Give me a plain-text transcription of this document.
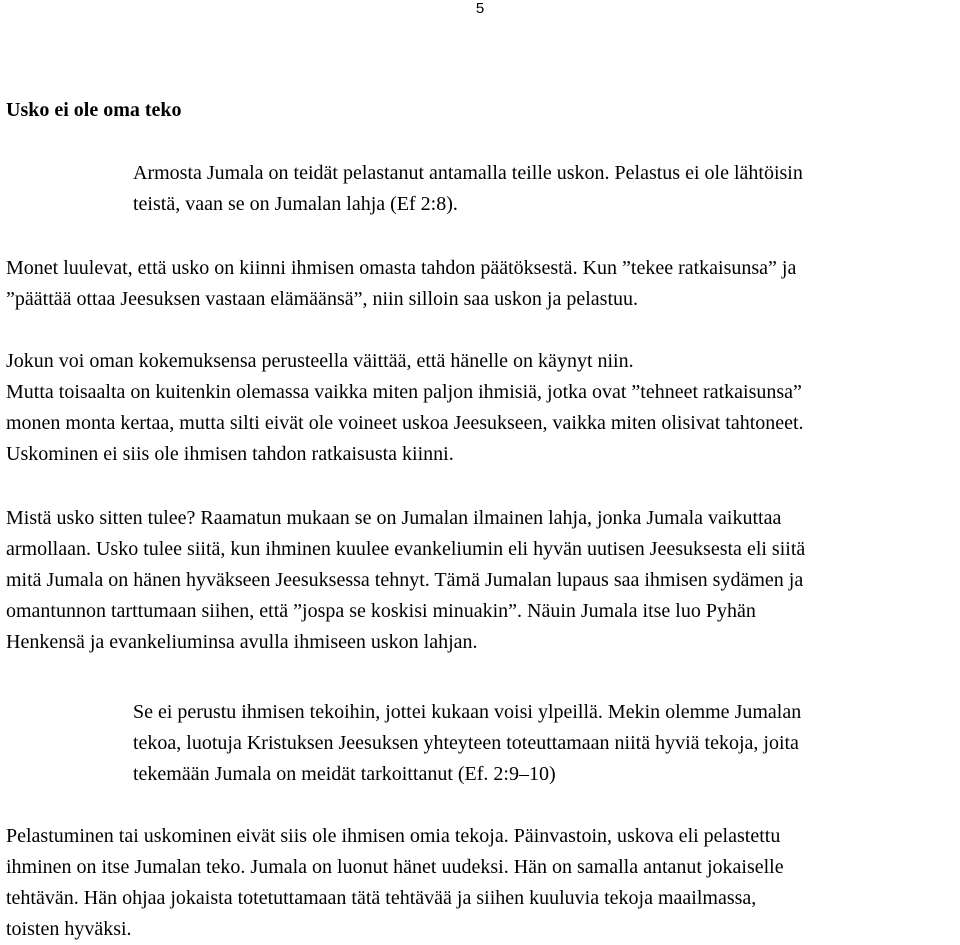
5
Usko ei ole oma teko
Armosta Jumala on teidät pelastanut antamalla teille uskon. Pelastus ei ole lähtöisin
teistä, vaan se on Jumalan lahja (Ef 2:8).
Monet luulevat, että usko on kiinni ihmisen omasta tahdon päätöksestä. Kun ”tekee ratkaisunsa” ja
”päättää ottaa Jeesuksen vastaan elämäänsä”, niin silloin saa uskon ja pelastuu.
Jokun voi oman kokemuksensa perusteella väittää, että hänelle on käynyt niin.
Mutta toisaalta on kuitenkin olemassa vaikka miten paljon ihmisiä, jotka ovat ”tehneet ratkaisunsa”
monen monta kertaa, mutta silti eivät ole voineet uskoa Jeesukseen, vaikka miten olisivat tahtoneet.
Uskominen ei siis ole ihmisen tahdon ratkaisusta kiinni.
Mistä usko sitten tulee? Raamatun mukaan se on Jumalan ilmainen lahja, jonka Jumala vaikuttaa
armollaan. Usko tulee siitä, kun ihminen kuulee evankeliumin eli hyvän uutisen Jeesuksesta eli siitä
mitä Jumala on hänen hyväkseen Jeesuksessa tehnyt. Tämä Jumalan lupaus saa ihmisen sydämen ja
omantunnon tarttumaan siihen, että ”jospa se koskisi minuakin”. Näuin Jumala itse luo Pyhän
Henkensä ja evankeliuminsa avulla ihmiseen uskon lahjan.
Se ei perustu ihmisen tekoihin, jottei kukaan voisi ylpeillä. Mekin olemme Jumalan
tekoa, luotuja Kristuksen Jeesuksen yhteyteen toteuttamaan niitä hyviä tekoja, joita
tekemään Jumala on meidät tarkoittanut (Ef. 2:9–10)
Pelastuminen tai uskominen eivät siis ole ihmisen omia tekoja. Päinvastoin, uskova eli pelastettu
ihminen on itse Jumalan teko. Jumala on luonut hänet uudeksi. Hän on samalla antanut jokaiselle
tehtävän. Hän ohjaa jokaista totetuttamaan tätä tehtävää ja siihen kuuluvia tekoja maailmassa,
toisten hyväksi.
